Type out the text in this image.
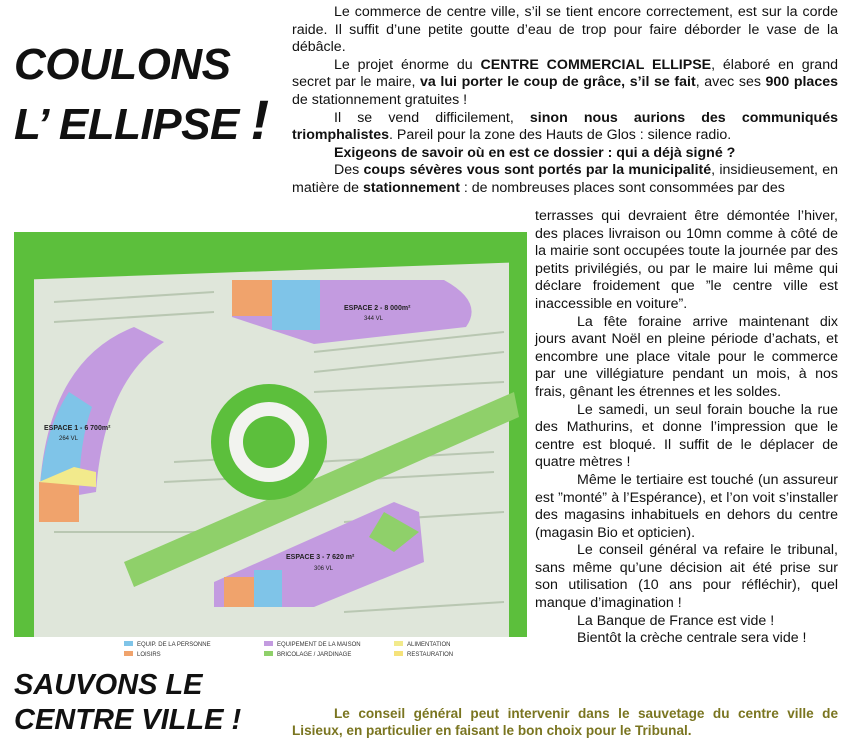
COULONS
L’ ELLIPSE !
SAUVONS LE
CENTRE VILLE !

Le commerce de centre ville, s’il se tient encore correctement, est sur la corde raide. Il suffit d’une petite goutte d’eau de trop pour faire déborder le vase de la débâcle.

Le projet énorme du CENTRE COMMERCIAL ELLIPSE, élaboré en grand secret par le maire, va lui porter le coup de grâce, s’il se fait, avec ses 900 places de stationnement gratuites !

Il se vend difficilement, sinon nous aurions des communiqués triomphalistes. Pareil pour la zone des Hauts de Glos : silence radio.

Exigeons de savoir où en est ce dossier : qui a déjà signé ?

Des coups sévères vous sont portés par la municipalité, insidieusement, en matière de stationnement : de nombreuses places sont consommées par des

terrasses qui devraient être démontée l’hiver, des places livraison ou 10mn comme à côté de la mairie sont occupées toute la journée par des petits privilégiés, ou par le maire lui même qui déclare froidement que ”le centre ville est inaccessible en voiture”.

La fête foraine arrive maintenant dix jours avant Noël en pleine période d’achats, et encombre une place vitale pour le commerce par une villégiature pendant un mois, à nos frais, gênant les étrennes et les soldes.

Le samedi, un seul forain bouche la rue des Mathurins, et donne l’impression que le centre est bloqué. Il suffit de le déplacer de quatre mètres !

Même le tertiaire est touché (un assureur est ”monté” à l’Espérance), et l’on voit s’installer des magasins inhabituels en dehors du centre (magasin Bio et opticien).

Le conseil général va refaire le tribunal, sans même qu’une décision ait été prise sur son utilisation (10 ans pour réfléchir), quel manque d’imagination !

La Banque de France est vide !

Bientôt la crèche centrale sera vide !

Le conseil général peut intervenir dans le sauvetage du centre ville de Lisieux, en particulier en faisant le bon choix pour le Tribunal.
ESPACE 2 - 8 000m²
344 VL
ESPACE 1 - 6 700m²
264 VL
ESPACE 3 - 7 620 m²
306 VL
EQUIP. DE LA PERSONNE	EQUIPEMENT DE LA MAISON	ALIMENTATION
LOISIRS	BRICOLAGE / JARDINAGE	RESTAURATION
